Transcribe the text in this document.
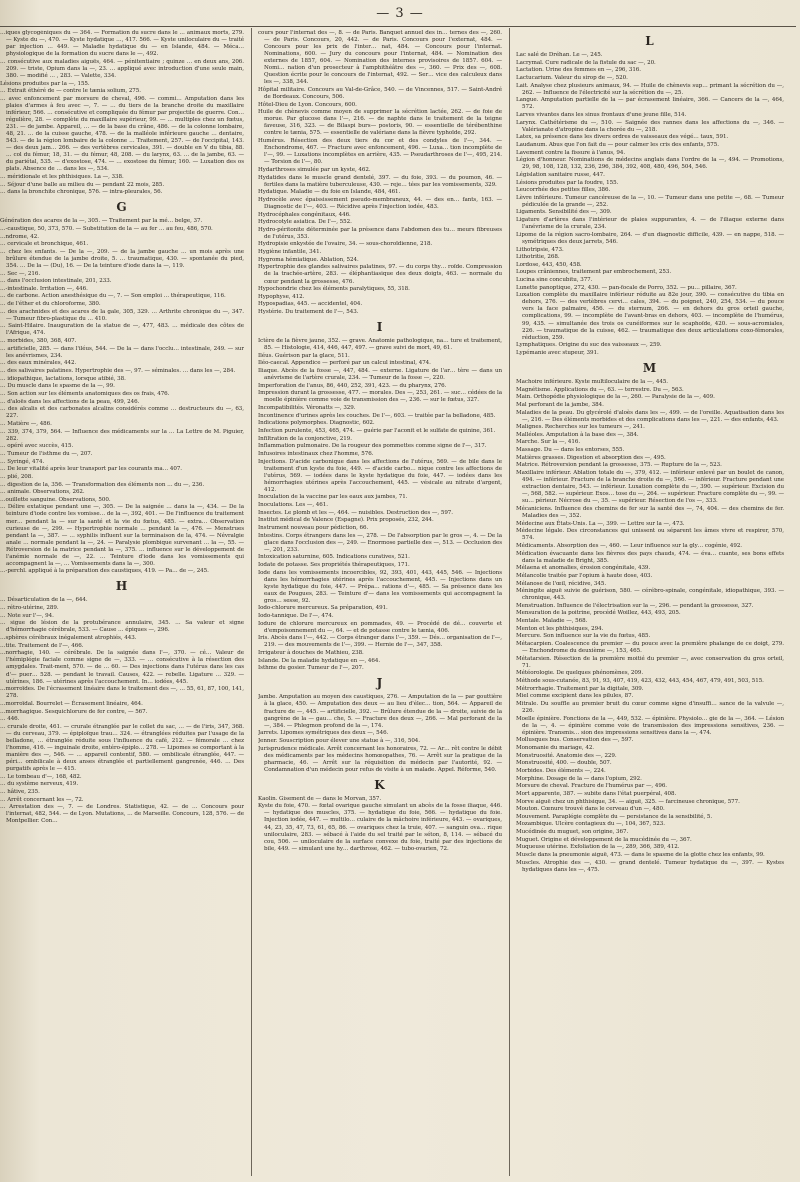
— 3 —

…iques glycogéniques du — 364. — Formation du sucre dans le … animaux morts, 279. — Kyste du —, 470. — Kyste hydatique …, 417. 566. — Kyste uniloculaire du — traité par injection … 449. — Maladie hydatique du — en Islande, 484. — Méca… physiologique de la formation du sucre dans le —, 492.

… consécutive aux maladies aiguës, 464. — pénitentiaire ; quinze … en deux ans, 206. 209. — triste, Opium dans la —, 23. … appliqué avec introduction d'une seule main, 380. — modifié … , 283. — Valette, 334.

Lésions produites par la —, 155.

… Extrait éthéré de — contre le tænia solium, 275.

… avec enfoncement par morsure de cheval, 496. — commi… Amputation dans les plaies d'armes à feu avec —, 7. — … du tiers de la branche droite du maxillaire inférieur, 566. … consécutive et compliquée du fémur par projectile de guerre. Con… régulière, 28. — complète du maxillaire supérieur, 99. — … multiples chez un fœtus, 231. — de jambe. Appareil, … — de la base du crâne, 486. — de la colonne lombaire, 48, 21. … de la cuisse gauche, 478. — de la malléole inférieure gauche … dentaire, 543. — de la région lombaire de la colonne … Traitement, 257. — de l'occipital, 143. — des deux jam… 266. — des vertèbres cervicales, 391. — double en V du tibia, 88. … col du fémur, 18, 31. — du fémur, 48, 208. — du larynx, 63. … de la jambe, 63. — du pariétal, 535. — d'exostose, 474. — … exostose du fémur, 160. — Luxation des os plats. Absence de … dans les —, 534.

… méridionale et les phthisiques. La —, 338.

… Séjour d'une balle au milieu du — pendant 22 mois, 285.

… dans la bronchite chronique, 576. — intra-pleurales, 56.

G

Génération des acares de la —, 305. — Traitement par la mé… belge, 37.

…-caustique, 50, 373, 570. — Substitution de la — au fer … au feu, 486, 570.

…ndrome, 42.

… cervicale et bronchique, 461.

… chez les enfants. — De la —, 209. — de la jambe gauche … un mois après une brûlure étendue de la jambe droite, 5. … traumatique, 430. — spontanée du pied, 354. … De la — (Du), 16. — De la teinture d'iode dans la —, 119.

… Sec —, 216.

… dans l'occlusion intestinale, 201, 233.

…-intestinale. Irritation —, 446.

… de carbone. Action anesthésique du —, 7. — Son emploi … thérapeutique, 116.

… de l'éther et du chloroforme, 380.

… des arachnides et des acares de la gale, 305, 329. … Arthrite chronique du —, 347. — Tumeur fibro-plastique du … 410.

… Saint-Hilaire. Inauguration de la statue de —, 477, 483. … médicale des côtes de l'Afrique, 474.

… morbides, 380, 368, 407.

… artificielle, 285. — dans l'iléus, 544. — De la — dans l'occlu… intestinale, 249. — sur les anévrismes, 234.

… des eaux minérales, 442.

… des salivaires palatines. Hypertrophie des —, 97. — séminales. … dans les —, 284.

… idiopathique, lactations, lorsque atibié, 38.

… Du muscle dans le spasme de la —, 99.

… Son action sur les éléments anatomiques des os frais, 476.

… d'aloës dans les affections de la peau, 499, 246.

… des alcalis et des carbonates alcalins considérés comme … destructeurs du —, 63, 227.

… Matière —, 486.

… 339, 374, 379, 564. — Influence des médicaments sur la … La Lettre de M. Piguier, 282.

… opéré avec succès, 415.

… Tumeur de l'isthme du —, 207.

… Syringé, 474.

… De leur vitalité après leur transport par les courants ma… 407.

… plié, 208.

… digestion de la, 356. — Transformation des éléments non … du —, 236.

… animale. Observations, 262.

…ouillette sanguine. Observations, 500.

… Délire extatique pendant une —, 305. — De la saignée … dans la —, 434. — De la teinture d'iode contre les vomisse… de la —, 392, 401. — De l'influence du traitement mer… pendant la — sur la santé et la vie du fœtus, 485. — extra… Observation curieuse de —, 299. — Hypertrophie normale … pendant la —, 476. — Menstrues pendant la —, 387. — … syphilis influent sur la terminaison de la, 474. — Névralgie anale … normale pendant la —, 24. — Paralysie plombique survenant … la —, 55. — Rétroversion de la matrice pendant la —, 375. … influence sur le développement de l'anémie normale de —, 22. … Teinture d'iode dans les vomissements qui accompagnent la —, … Vomissements dans la —, 300.

…-perchl. appliqué à la préparation des caustiques, 419. — Pa… de —, 245.

H

… Désarticulation de la —, 644.

… rétro-utérine, 289.

… Note sur l'—, 94.

… sigue de lésion de la protubérance annulaire, 345. … Sa valeur et signe d'hémorrhagie cérébrale, 533. — Cause … épiques —, 296.

…sphères cérébraux inégalement atrophiés, 443.

…tite. Traitement de l'—, 466.

…norrhagie, 140. — cérébrale. De la saignée dans l'—, 370. — cé… Valeur de l'hémiplégie faciale comme signe de —, 333. — … consécutive à la résection des amygdales. Trait-ment, 570. — de … 60. — Des injections dans l'utérus dans les cas d'— puer… 528. — pendant le travail. Causes, 422. — rebelle. Ligature … 329. — utérines, 186. — utérines après l'accouchement. In… iodées, 445.

…morroïdes. De l'écrasement linéaire dans le traitement des —, … 55, 61, 87, 100, 141, 278.

…morroïdal. Bourrelet — Écrasement linéaire, 464.

…morrhagique. Sesquichlorure de fer contre, — 567.

… 446.

… crurale droite, 461. — crurale étranglée par le collet du sac, … — de l'iris, 347, 368. — du cerveau, 379. — épiploïque trau… 324. — étranglées réduites par l'usage de la belladone, … étranglée réduite sous l'influence du café, 212. — fémorale … chez l'homme, 416. — inguinale droite, entéro-épiplo… 278. — Lipomes se comportant à la manière des —, 546. — … appareil contentif, 580. — ombilicale étranglée, 447. — péri… ombilicale à deux anses étranglée et partiellement gangrenée, 446. … Des purgatifs après le — 415.

… Le tombeau d'—, 168, 482.

… du système nerveux, 419.

… hâtive, 235.

… Arrêt concernant les —, 72.

… Arrestation des —, 7. — de Londres. Statistique, 42. — de … Concours pour l'internat, 482, 544. — de Lyon. Mutations, … de Marseille. Concours, 128, 576. — de Montpellier. Con…

cours pour l'internat des —, 8. — de Paris. Banquet annuel des in… ternes des —, 260. — de Paris. Concours, 20, 442. — de Paris. Concours pour l'externat, 484. — Concours pour les prix de l'inter… nat, 484. — Concours pour l'internat. Nominations, 600. — Jury du concours pour l'internat, 484. — Nomination des externes de 1857, 604. — Nomination des internes provisoires de 1857. 604. — Nomi… nation d'un prosecteur à l'amphithéâtre des —, 360. — Prix des —, 608. Question écrite pour le concours de l'internat, 492. — Ser… vice des calculeux dans les —, 338, 344.

Hôpital militaire. Concours au Val-de-Grâce, 540. — de Vincennes, 517. — Saint-André de Bordeaux. Concours, 506.

Hôtel-Dieu de Lyon. Concours, 600.

Huile de chènevis comme moyen de supprimer la sécrétion lactée, 262. — de foie de morue. Par glucose dans l'—, 216. — de naphte dans le traitement de la teigne faveuse, 316, 323. — de Bilaspi burs— postoris, 90. — essentielle de térébenthine contre le tænia, 575. — essentielle de valériane dans la fièvre typhoïde, 292.

Humérus. Résection des deux tiers du cor et des condyles de l'—, 344. — Enchondrome, 467. — Fracture avec enfoncement, 496. — Luxa… tion incomplète de l'—, 99. — Luxations incomplètes en arrière, 435. — Pseudarthroses de l'—, 495, 214. — Torsion de l'—, 80.

Hydarthroses simulée par un kyste, 462.

Hydatides dans le muscle grand dentelé, 397. — du foie, 393. — du poumon, 46. — fertiles dans la matière tuberculeuse, 430. — reje… tées par les vomissements, 329.

Hydatique. Maladie — du foie en Islande, 484, 461.

Hydrocèle avec épaississement pseudo-membraneux, 44. — des en… fants, 163. — Diagnostic de l'—, 403. — Récidive après l'injection iodée, 483.

Hydrocéphales congénitaux, 446.

Hydrocotyle asiatica. De l'—, 552.

Hydro-péritonite déterminée par la présence dans l'abdomen des tu… meurs fibreuses de l'utérus, 353.

Hydropisie enkystée de l'ovaire, 34. — sous-choroïdienne, 218.

Hygiène infantile, 341.

Hygroma hémiatique. Ablation, 524.

Hypertrophie des glandes salivaires palatines, 97. — du corps thy… roïde. Compression de la trachée-artère, 283. — éléphantiasique des deux doigts, 463. — normale du cœur pendant la grossesse, 476.

Hypochondrie chez les éléments paralytiques, 55, 318.

Hypophyse, 412.

Hypospadias, 445. — accidentel, 404.

Hystérie. Du traitement de l'—, 543.

I

Ictère de la fièvre jaune, 352. — grave. Anatomie pathologique, na… ture et traitement, 85. — Histologie, 414, 446, 447, 497. — grave suivi de mort, 49, 61.

Iléus. Guérison par la glace, 511.

Iléo-caecal. Appendice — perforé par un calcul intestinal, 474.

Iliaque. Abcès de la fosse —, 447, 484. — externe. Ligature de l'ar… tère — dans un anévrisme de l'artère crurale, 234. — Tumeur de la fosse —, 220.

Imperforation de l'anus, 86, 440, 252, 391, 423. — du pharynx, 276.

Impression durant la grossesse, 477. — morales. Des —, 253, 261. — suc… cédées de la moelle épinière comme voie de transmission des —, 236. — sur le fœtus, 327.

Incompatibilités. Véronatts —, 329.

Incontinence d'urines après les couches. De l'—, 603. — traitée par la belladone, 485.

Indications polymorphes. Diagnostic, 602.

Infection purulente, 453, 465, 474. — guérie par l'aconit et le sulfate de quinine, 361.

Infiltration de la conjonctive, 219.

Inflammation pulmonaire. De la rougeur des pommettes comme signe de l'—, 317.

Infusoires intestinaux chez l'homme, 576.

Injections. D'acide carbonique dans les affections de l'utérus, 569. — de bile dans le traitement d'un kyste du foie, 449. — d'acide carbo… nique contre les affections de l'utérus, 569. — iodées dans le kyste hydatique du foie, 447. — iodées dans les hémorrhagies utérines après l'accouchement, 445. — vésicale au nitrate d'argent, 412.

Inoculation de la vaccine par les eaux aux jambes, 71.

Inoculations. Les —, 461.

Insectes. Le plomb et les —, 464. — nuisibles. Destruction des —, 597.

Institut médical de Valence (Espagne). Prix proposés, 232, 244.

Instrument nouveau pour pédiction, 66.

Intestins. Corps étrangers dans les —, 278. — De l'absorption par le gros —, 4. — De la glace dans l'occlusion des —, 249. — Enormose partielle des —, 513. — Occlusion des —, 201, 233.

Intoxication saturnine, 605. Indications curatives, 521.

Iodate de potasse. Ses propriétés thérapeutiques, 171.

Iode dans les vomissements incoercibles, 92, 393, 401, 443, 445, 546. — Injections dans les hémorrhagies utérines après l'accouchement, 445. — Injections dans un kyste hydatique du foie, 447. — Prépa… rations d'—, 485. — Sa présence dans les eaux de Pougues, 283. — Teinture d'— dans les vomissements qui accompagnent la gros… sesse, 92.

Iodo-chlorure mercureux. Sa préparation, 491.

Iodo-tannique. De l'—, 474.

Iodure de chlorure mercureux en pommades, 49. — Procédé de dé… couverte et d'empoisonnement du —, 64. — et de potasse contre le tænia, 406.

Iris. Abcès dans l'—, 442. — Corps étranger dans l'—, 359. — Dés… organisation de l'—, 219. — des mouvements de l'—, 399. — Hernie de l'—, 347, 358.

Irrigateur à douches de Mathieu, 238.

Islande. De la maladie hydatique en —, 464.

Isthme du gosier. Tumeur de l'—, 207.

J

Jambe. Amputation au moyen des caustiques, 276. — Amputation de la — par gouttière à la glace, 450. — Amputation des deux — au lieu d'élec… tion, 564. — Appareil de fracture de —, 445. — artificielle, 392. — Brûlure étendue de la — droite, suivie de la gangrène de la — gau… che, 5. — Fracture des deux —, 266. — Mal perforant de la —, 384. — Phlegmon profond de la —, 174.

Jarrets. Lipomes symétriques des deux —, 546.

Jenner. Souscription pour élever une statue à —, 316, 504.

Jurisprudence médicale. Arrêt concernant les honoraires, 72. — Ar… rêt contre le débit des médicaments par les médecins homœopathes, 76. — Arrêt sur la pratique de la pharmacie, 46. — Arrêt sur la réquisition du médecin par l'autorité, 92. — Condamnation d'un médecin pour refus de visite à un malade. Appel. Réforme, 540.

K

Kaolin. Gisement de — dans le Morvan, 357.

Kyste du foie, 470. — fœtal ovarique gauche simulant un abcès de la fosse iliaque, 446. — hydatique des muscles, 375. — hydatique du foie, 566. — hydatique du foie. Injection iodée, 447. — multilo… culaire de la mâchoire inférieure, 443. — ovariques, 44, 23, 35, 47, 73, 61, 65, 86. — ovariques chez la truie, 407. — sanguin ova… rique uniloculaire, 283. — sébacé à l'aide du sel traité par le séton, 8, 114. — sébacé du cou, 506. — uniloculaire de la surface convexe du foie, traité par des injections de bile, 449. — simulant une hy… darthrose, 462. — tubo-ovarien, 72.

L

Lac salé de Dréhan. Le —, 245.

Lacrymal. Cure radicale de la fistule du sac —, 20.

Lactation. Urine des femmes en —, 296, 316.

Lactucarium. Valeur du sirop de —, 520.

Lait. Analyse chez plusieurs animaux, 94. — Huile de chènevis sup… primant la sécrétion du —, 262. — Influence de l'électricité sur la sécrétion du —, 25.

Langue. Amputation partielle de la — par écrasement linéaire, 366. — Cancers de la —, 464, 572.

Larves vivantes dans les sinus frontaux d'une jeune fille, 514.

Larynx. Cathétérisme du —, 510. — Saignée des rannes dans les affections du —, 346. — Valérianate d'atropine dans la chorée du —, 218.

Latex, sa présence dans les divers ordres de vaisseaux des végé… taux, 591.

Laudanum. Abus que l'on fait du — pour calmer les cris des enfants, 575.

Lavement contre la fissure à l'anus, 94.

Légion d'honneur. Nominations de médecins anglais dans l'ordre de la —, 494. — Promotions, 29, 98, 108, 128, 132, 236, 296, 384, 392, 408, 480, 496, 504, 546.

Législation sanitaire russe, 447.

Lésions produites par la foudre, 155.

Leucorrhée des petites filles, 386.

Lèvre inférieure. Tumeur cancéreuse de la —, 10. — Tumeur dans une petite —, 68. — Tumeur pédiculée de la grande —, 252.

Ligaments. Sensibilité des —, 309.

Ligature d'artères dans l'intérieur de plaies suppurantes, 4. — de l'iliaque externe dans l'anévrisme de la crurale, 234.

Lipome de la région sacro-lombaire, 264. — d'un diagnostic difficile, 439. — en nappe, 518. — symétriques des deux jarrets, 546.

Lithotripsie, 473.

Lithotritie, 268.

Lordose, 443, 450, 458.

Loupes crâniennes, traitement par embrochement, 253.

Lucina sine concubitu, 377.

Lunette panoptique, 272, 430. — pan-focale de Porro, 352. — pu… pillaire, 367.

Luxation complète du maxillaire inférieur réduite au 82e jour, 390. — consécutive du tibia en dehors, 276. — des vertèbres cervi… cales, 394. — du poignet, 240, 254, 534. — du pouce vers la face palmaire, 456. — du sternum, 266. — en dehors du gros orteil gauche, complications, 99. — incomplète de l'avant-bras en dehors, 403. — incomplète de l'humérus, 99, 435. — simultanée des trois os cunéiformes sur le scaphoïde, 420. — sous-acromiales, 226. — traumatique de la cuisse, 462. — traumatique des deux articulations coxo-fémorales, réduction, 259.

Lymphatiques. Origine du suc des vaisseaux —, 259.

Lypémanie avec stupeur, 391.

M

Machoire inférieure. Kyste multiloculaire de la —, 445.

Magnétisme. Applications du —, 63. — terrestre. Du —, 563.

Main. Orthopédie physiologique de la —, 260. — Paralysie de la —, 409.

Mal perforant de la jambe, 384.

Maladies de la peau. Du glycérolé d'aloès dans les —, 499. — de l'oreille. Aquatisation dans les —, 216. — Des éléments morbides et des complications dans les —, 221. — des enfants, 443.

Malignes. Recherches sur les tumeurs —, 241.

Malléoles. Amputation à la base des —, 384.

Marche. Sur la —, 416.

Massage. Du — dans les entorses, 555.

Matières grasses. Digestion et absorption des —, 495.

Matrice. Rétroversion pendant la grossesse, 375. — Rupture de la —, 523.

Maxillaire inférieur. Ablation totale du —, 379, 412. — inférieur enlevé par un boulet de canon, 494. — inférieur. Fracture de la branche droite du —, 566. — inférieur. Fracture pendant une extraction dentaire, 543. — inférieur. Luxation complète du —, 390. — supérieur. Excision du —, 568, 582. — supérieur. Exos… tose du —, 264. — supérieur. Fracture complète du —, 99. — su… périeur. Nécrose du —, 35. — supérieur. Résection de l'os —, 333.

Mécaniciens. Influence des chemins de fer sur la santé des —, 74, 404. — des chemins de fer. Maladies des —, 352.

Médecine aux États-Unis. La —, 399. — Lettre sur la —, 473.

Médecine légale. Des circonstances qui unissent ou séparent les âmes vivre et respirer, 570, 574.

Médicaments. Absorption des —, 460. — Leur influence sur la gly… cogénie, 492.

Médication évacuante dans les fièvres des pays chauds, 474. — éva… cuante, ses bons effets dans la maladie de Bright, 385.

Mélaena et anomalies, érosion congénitale, 439.

Mélancolie traitée par l'opium à haute dose, 403.

Mélanose de l'œil, récidive, 345.

Méningite aiguë suivie de guérison, 580. — cérébro-spinale, congénitale, idiopathique, 393. — chronique, 443.

Menstruation. Influence de l'électrisation sur la —, 296. — pendant la grossesse, 327.

Mensuration de la poitrine, procédé Woillez, 443, 493, 205.

Mentale. Maladie —, 568.

Menton et les phthisiques, 294.

Mercure. Son influence sur la vie du fœtus, 485.

Métacarpien. Coalescence du premier — du pouce avec la première phalange de ce doigt, 279. — Enchondrome du deuxième —, 153, 465.

Métatarsien. Résection de la première moitié du premier —, avec conservation du gros orteil, 71.

Météorologie. De quelques phénomènes, 209.

Méthode sous-cutanée, 83, 91, 93, 407, 419, 423, 432, 443, 454, 467, 479, 491, 503, 515.

Métrorrhagie. Traitement par la digitale, 309.

Miel comme excipient dans les pilules, 87.

Mitrale. Du souffle au premier bruit du cœur comme signe d'insuffi… sance de la valvule —, 226.

Moelle épinière. Fonctions de la —, 449, 532. — épinière. Physiolo… gie de la —, 364. — Lésion de la —, 4. — épinière comme voie de transmission des impressions sensitives, 236. — épinière. Transmis… sion des impressions sensitives dans la —, 474.

Mollusques bus. Conservation des —, 597.

Monomanie du mariage, 42.

Monstruosité. Anatomie des —, 229.

Monstruosité, 400. — double, 507.

Morbides. Des éléments —, 224.

Morphine. Dosage de la — dans l'opium, 292.

Morsure de cheval. Fracture de l'humérus par —, 496.

Mort apparente, 387. — subite dans l'état puerpéral, 408.

Morve aiguë chez un phthisique, 34. — aiguë, 325. — farcineuse chronique, 577.

Mouton. Cœnure trouvé dans le cerveau d'un —, 480.

Mouvement. Paraplégie complète du — persistance de la sensibilité, 5.

Mozambique. Ulcère contagieux du —, 104, 367, 523.

Mucédinée du muguet, son origine, 367.

Muguet. Origine et développement de la mucédinée du —, 367.

Muqueuse utérine. Exfoliation de la —, 289, 366, 389, 412.

Muscle dans la pneumonie aiguë, 473. — dans le spasme de la glotte chez les enfants, 99.

Muscles. Atrophie des —, 430. — grand dentelé. Tumeur hydatique du —, 397. — Kystes hydatiques dans les —, 475.
